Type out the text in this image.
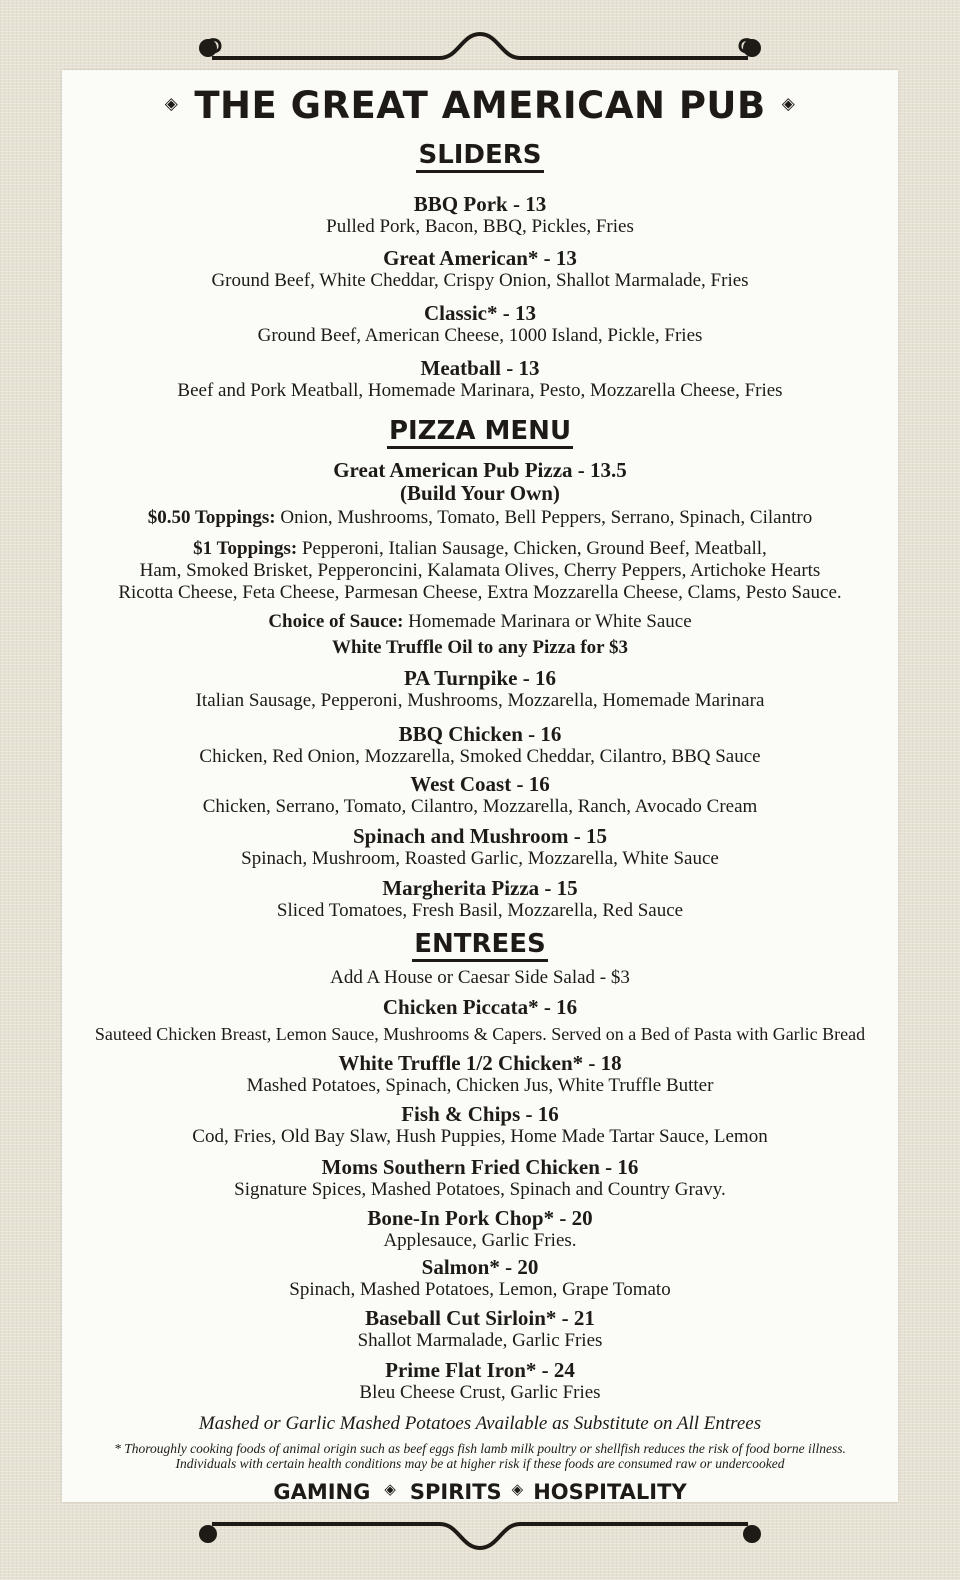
◈ THE GREAT AMERICAN PUB ◈
SLIDERS
BBQ Pork - 13
Pulled Pork, Bacon, BBQ, Pickles, Fries
Great American* - 13
Ground Beef, White Cheddar, Crispy Onion, Shallot Marmalade, Fries
Classic* - 13
Ground Beef, American Cheese, 1000 Island, Pickle, Fries
Meatball - 13
Beef and Pork Meatball, Homemade Marinara, Pesto, Mozzarella Cheese, Fries
PIZZA MENU
Great American Pub Pizza - 13.5
(Build Your Own)
$0.50 Toppings: Onion, Mushrooms, Tomato, Bell Peppers, Serrano, Spinach, Cilantro
$1 Toppings: Pepperoni, Italian Sausage, Chicken, Ground Beef, Meatball,
Ham, Smoked Brisket, Pepperoncini, Kalamata Olives, Cherry Peppers, Artichoke Hearts
Ricotta Cheese, Feta Cheese, Parmesan Cheese, Extra Mozzarella Cheese, Clams, Pesto Sauce.
Choice of Sauce: Homemade Marinara or White Sauce
White Truffle Oil to any Pizza for $3
PA Turnpike - 16
Italian Sausage, Pepperoni, Mushrooms, Mozzarella, Homemade Marinara
BBQ Chicken - 16
Chicken, Red Onion, Mozzarella, Smoked Cheddar, Cilantro, BBQ Sauce
West Coast - 16
Chicken, Serrano, Tomato, Cilantro, Mozzarella, Ranch, Avocado Cream
Spinach and Mushroom - 15
Spinach, Mushroom, Roasted Garlic, Mozzarella, White Sauce
Margherita Pizza - 15
Sliced Tomatoes, Fresh Basil, Mozzarella, Red Sauce
ENTREES
Add A House or Caesar Side Salad - $3
Chicken Piccata* - 16
Sauteed Chicken Breast, Lemon Sauce, Mushrooms & Capers. Served on a Bed of Pasta with Garlic Bread
White Truffle 1/2 Chicken* - 18
Mashed Potatoes, Spinach, Chicken Jus, White Truffle Butter
Fish & Chips - 16
Cod, Fries, Old Bay Slaw, Hush Puppies, Home Made Tartar Sauce, Lemon
Moms Southern Fried Chicken - 16
Signature Spices, Mashed Potatoes, Spinach and Country Gravy.
Bone-In Pork Chop* - 20
Applesauce, Garlic Fries.
Salmon* - 20
Spinach, Mashed Potatoes, Lemon, Grape Tomato
Baseball Cut Sirloin* - 21
Shallot Marmalade, Garlic Fries
Prime Flat Iron* - 24
Bleu Cheese Crust, Garlic Fries
Mashed or Garlic Mashed Potatoes Available as Substitute on All Entrees
* Thoroughly cooking foods of animal origin such as beef eggs fish lamb milk poultry or shellfish reduces the risk of food borne illness.
Individuals with certain health conditions may be at higher risk if these foods are consumed raw or undercooked
GAMING ◈ SPIRITS ◈ HOSPITALITY
